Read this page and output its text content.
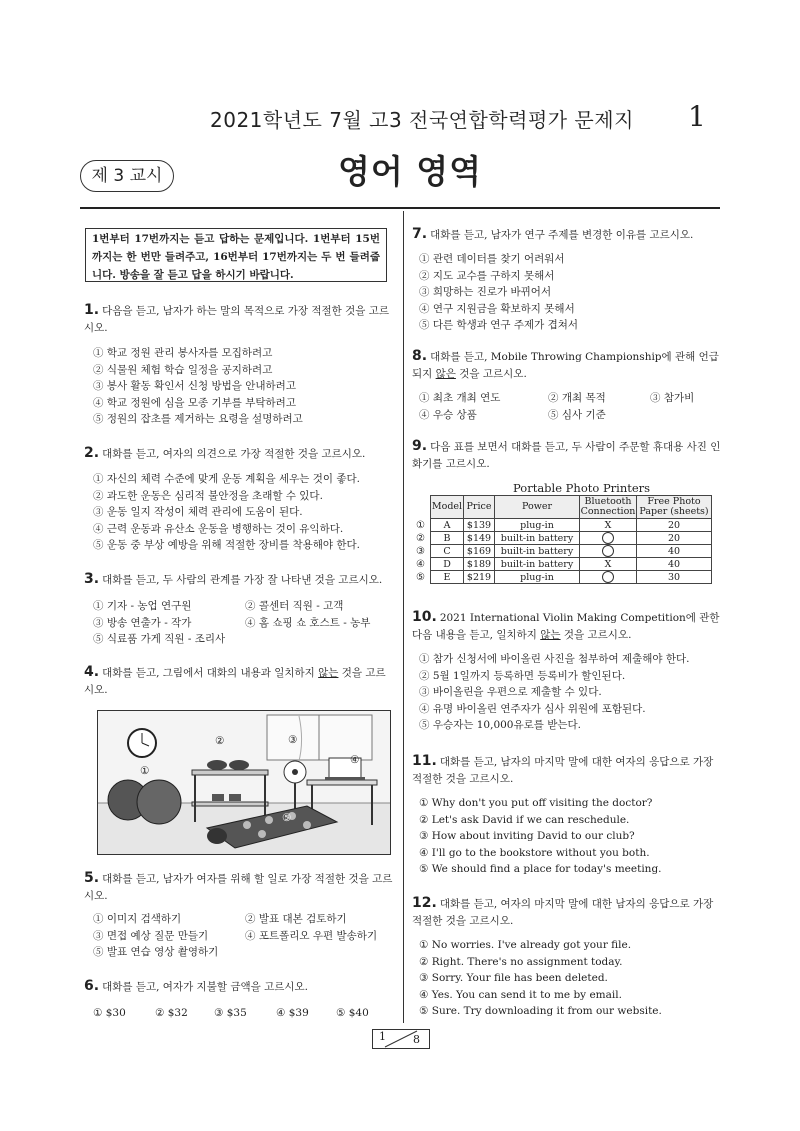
2021학년도 7월 고3 전국연합학력평가 문제지 1
제 3 교시	영어 영역
1번부터 17번까지는 듣고 답하는 문제입니다. 1번부터 15번까지는 한 번만 들려주고, 16번부터 17번까지는 두 번 들려줍니다. 방송을 잘 듣고 답을 하시기 바랍니다.
1. 다음을 듣고, 남자가 하는 말의 목적으로 가장 적절한 것을 고르시오.
① 학교 정원 관리 봉사자를 모집하려고
② 식물원 체험 학습 일정을 공지하려고
③ 봉사 활동 확인서 신청 방법을 안내하려고
④ 학교 정원에 심을 모종 기부를 부탁하려고
⑤ 정원의 잡초를 제거하는 요령을 설명하려고
2. 대화를 듣고, 여자의 의견으로 가장 적절한 것을 고르시오.
① 자신의 체력 수준에 맞게 운동 계획을 세우는 것이 좋다.
② 과도한 운동은 심리적 불안정을 초래할 수 있다.
③ 운동 일지 작성이 체력 관리에 도움이 된다.
④ 근력 운동과 유산소 운동을 병행하는 것이 유익하다.
⑤ 운동 중 부상 예방을 위해 적절한 장비를 착용해야 한다.
3. 대화를 듣고, 두 사람의 관계를 가장 잘 나타낸 것을 고르시오.
① 기자 - 농업 연구원	② 콜센터 직원 - 고객
③ 방송 연출가 - 작가	④ 홈 쇼핑 쇼 호스트 - 농부
⑤ 식료품 가게 직원 - 조리사
4. 대화를 듣고, 그림에서 대화의 내용과 일치하지 않는 것을 고르시오.
①
②	③
④
⑤
5. 대화를 듣고, 남자가 여자를 위해 할 일로 가장 적절한 것을 고르시오.
① 이미지 검색하기	② 발표 대본 검토하기
③ 면접 예상 질문 만들기	④ 포트폴리오 우편 발송하기
⑤ 발표 연습 영상 촬영하기
6. 대화를 듣고, 여자가 지불할 금액을 고르시오.
① $30	② $32	③ $35	④ $39	⑤ $40
7. 대화를 듣고, 남자가 연구 주제를 변경한 이유를 고르시오.
① 관련 데이터를 찾기 어려워서
② 지도 교수를 구하지 못해서
③ 희망하는 진로가 바뀌어서
④ 연구 지원금을 확보하지 못해서
⑤ 다른 학생과 연구 주제가 겹쳐서
8. 대화를 듣고, Mobile Throwing Championship에 관해 언급되지 않은 것을 고르시오.
① 최초 개최 연도	② 개최 목적	③ 참가비
④ 우승 상품	⑤ 심사 기준
9. 다음 표를 보면서 대화를 듣고, 두 사람이 주문할 휴대용 사진 인화기를 고르시오.
Portable Photo Printers
	Model	Price	Power	Bluetooth Connection	Free Photo Paper (sheets)
①	A	$139	plug-in	X	20
②	B	$149	built-in battery		20
③	C	$169	built-in battery		40
④	D	$189	built-in battery	X	40
⑤	E	$219	plug-in		30
10. 2021 International Violin Making Competition에 관한 다음 내용을 듣고, 일치하지 않는 것을 고르시오.
① 참가 신청서에 바이올린 사진을 첨부하여 제출해야 한다.
② 5월 1일까지 등록하면 등록비가 할인된다.
③ 바이올린을 우편으로 제출할 수 있다.
④ 유명 바이올린 연주자가 심사 위원에 포함된다.
⑤ 우승자는 10,000유로를 받는다.
11. 대화를 듣고, 남자의 마지막 말에 대한 여자의 응답으로 가장 적절한 것을 고르시오.
① Why don't you put off visiting the doctor?
② Let's ask David if we can reschedule.
③ How about inviting David to our club?
④ I'll go to the bookstore without you both.
⑤ We should find a place for today's meeting.
12. 대화를 듣고, 여자의 마지막 말에 대한 남자의 응답으로 가장 적절한 것을 고르시오.
① No worries. I've already got your file.
② Right. There's no assignment today.
③ Sorry. Your file has been deleted.
④ Yes. You can send it to me by email.
⑤ Sure. Try downloading it from our website.
1 8
